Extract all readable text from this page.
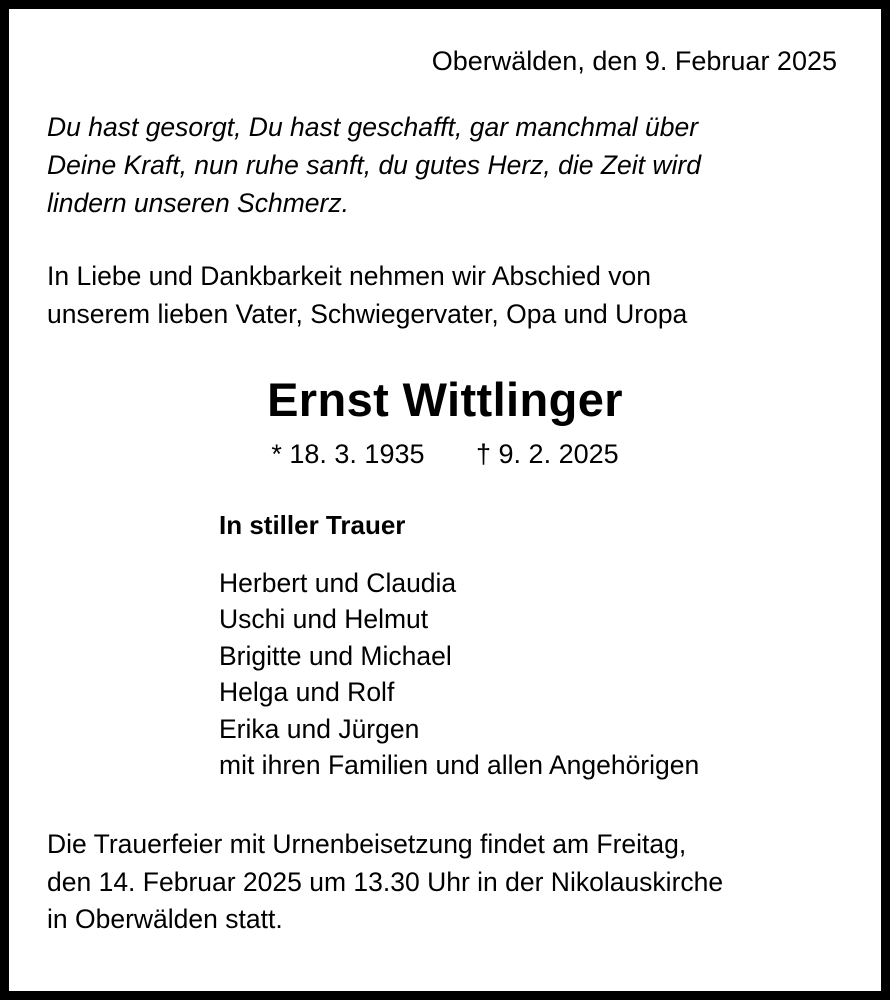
Oberwälden, den 9. Februar 2025
Du hast gesorgt, Du hast geschafft, gar manchmal über
Deine Kraft, nun ruhe sanft, du gutes Herz, die Zeit wird
lindern unseren Schmerz.
In Liebe und Dankbarkeit nehmen wir Abschied von
unserem lieben Vater, Schwiegervater, Opa und Uropa
Ernst Wittlinger
* 18. 3. 1935 † 9. 2. 2025
In stiller Trauer
Herbert und Claudia
Uschi und Helmut
Brigitte und Michael
Helga und Rolf
Erika und Jürgen
mit ihren Familien und allen Angehörigen
Die Trauerfeier mit Urnenbeisetzung findet am Freitag,
den 14. Februar 2025 um 13.30 Uhr in der Nikolauskirche
in Oberwälden statt.
